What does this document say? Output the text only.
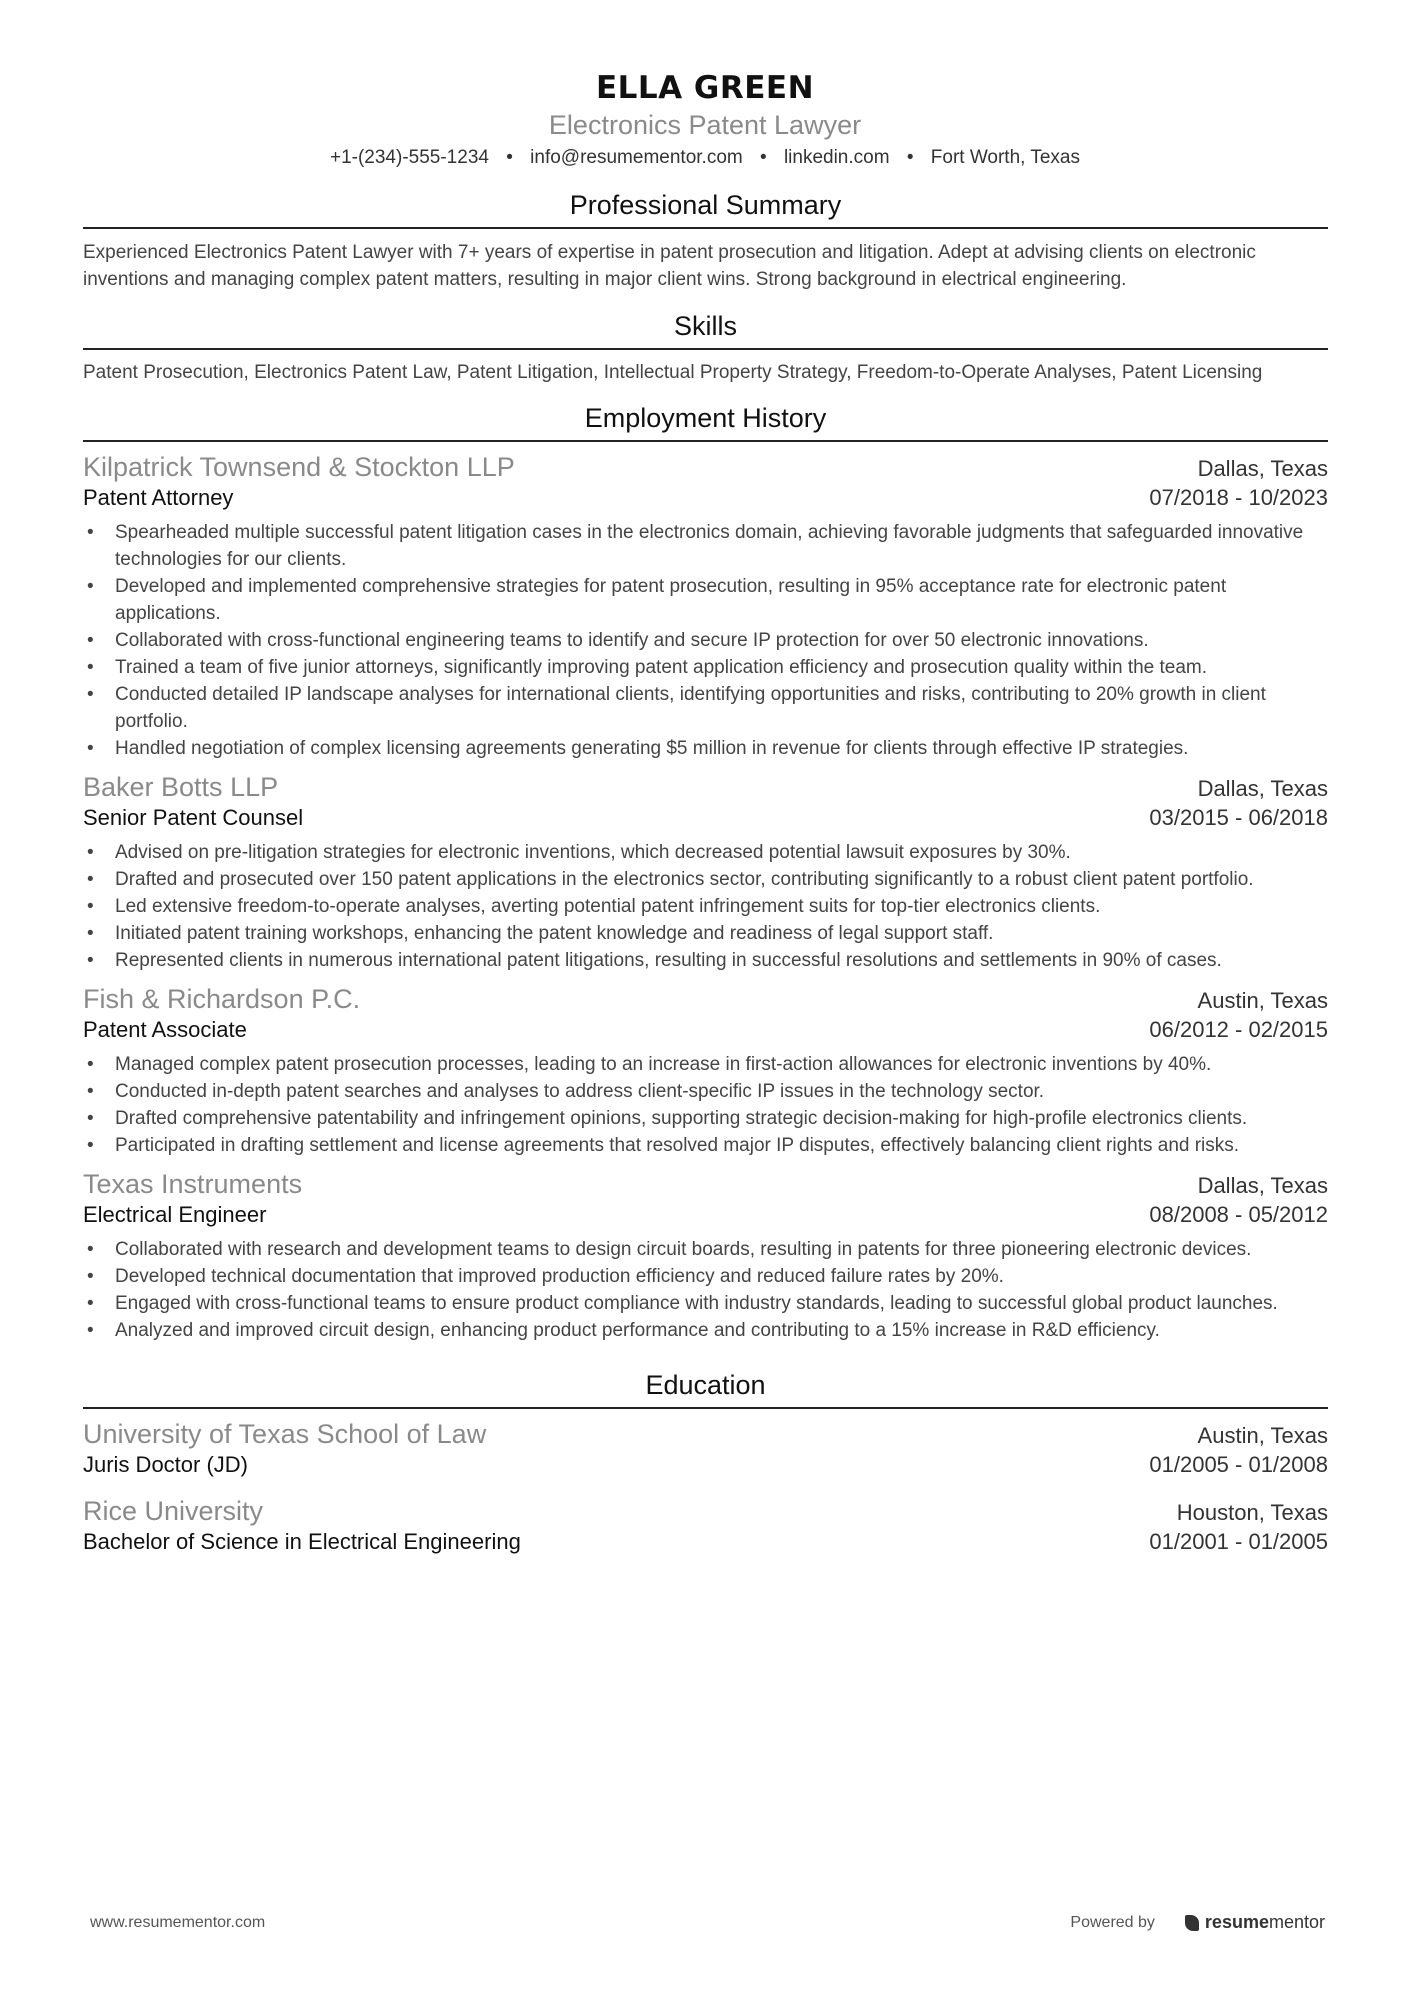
ELLA GREEN
Electronics Patent Lawyer
+1-(234)-555-1234 • info@resumementor.com • linkedin.com • Fort Worth, Texas
Professional Summary
Experienced Electronics Patent Lawyer with 7+ years of expertise in patent prosecution and litigation. Adept at advising clients on electronic inventions and managing complex patent matters, resulting in major client wins. Strong background in electrical engineering.
Skills
Patent Prosecution, Electronics Patent Law, Patent Litigation, Intellectual Property Strategy, Freedom-to-Operate Analyses, Patent Licensing
Employment History
Kilpatrick Townsend & Stockton LLP	Dallas, Texas
Patent Attorney	07/2018 - 10/2023
• Spearheaded multiple successful patent litigation cases in the electronics domain, achieving favorable judgments that safeguarded innovative technologies for our clients.
• Developed and implemented comprehensive strategies for patent prosecution, resulting in 95% acceptance rate for electronic patent applications.
• Collaborated with cross-functional engineering teams to identify and secure IP protection for over 50 electronic innovations.
• Trained a team of five junior attorneys, significantly improving patent application efficiency and prosecution quality within the team.
• Conducted detailed IP landscape analyses for international clients, identifying opportunities and risks, contributing to 20% growth in client portfolio.
• Handled negotiation of complex licensing agreements generating $5 million in revenue for clients through effective IP strategies.
Baker Botts LLP	Dallas, Texas
Senior Patent Counsel	03/2015 - 06/2018
• Advised on pre-litigation strategies for electronic inventions, which decreased potential lawsuit exposures by 30%.
• Drafted and prosecuted over 150 patent applications in the electronics sector, contributing significantly to a robust client patent portfolio.
• Led extensive freedom-to-operate analyses, averting potential patent infringement suits for top-tier electronics clients.
• Initiated patent training workshops, enhancing the patent knowledge and readiness of legal support staff.
• Represented clients in numerous international patent litigations, resulting in successful resolutions and settlements in 90% of cases.
Fish & Richardson P.C.	Austin, Texas
Patent Associate	06/2012 - 02/2015
• Managed complex patent prosecution processes, leading to an increase in first-action allowances for electronic inventions by 40%.
• Conducted in-depth patent searches and analyses to address client-specific IP issues in the technology sector.
• Drafted comprehensive patentability and infringement opinions, supporting strategic decision-making for high-profile electronics clients.
• Participated in drafting settlement and license agreements that resolved major IP disputes, effectively balancing client rights and risks.
Texas Instruments	Dallas, Texas
Electrical Engineer	08/2008 - 05/2012
• Collaborated with research and development teams to design circuit boards, resulting in patents for three pioneering electronic devices.
• Developed technical documentation that improved production efficiency and reduced failure rates by 20%.
• Engaged with cross-functional teams to ensure product compliance with industry standards, leading to successful global product launches.
• Analyzed and improved circuit design, enhancing product performance and contributing to a 15% increase in R&D efficiency.
Education
University of Texas School of Law	Austin, Texas
Juris Doctor (JD)	01/2005 - 01/2008
Rice University	Houston, Texas
Bachelor of Science in Electrical Engineering	01/2001 - 01/2005
www.resumementor.com	Powered by	resumementor
